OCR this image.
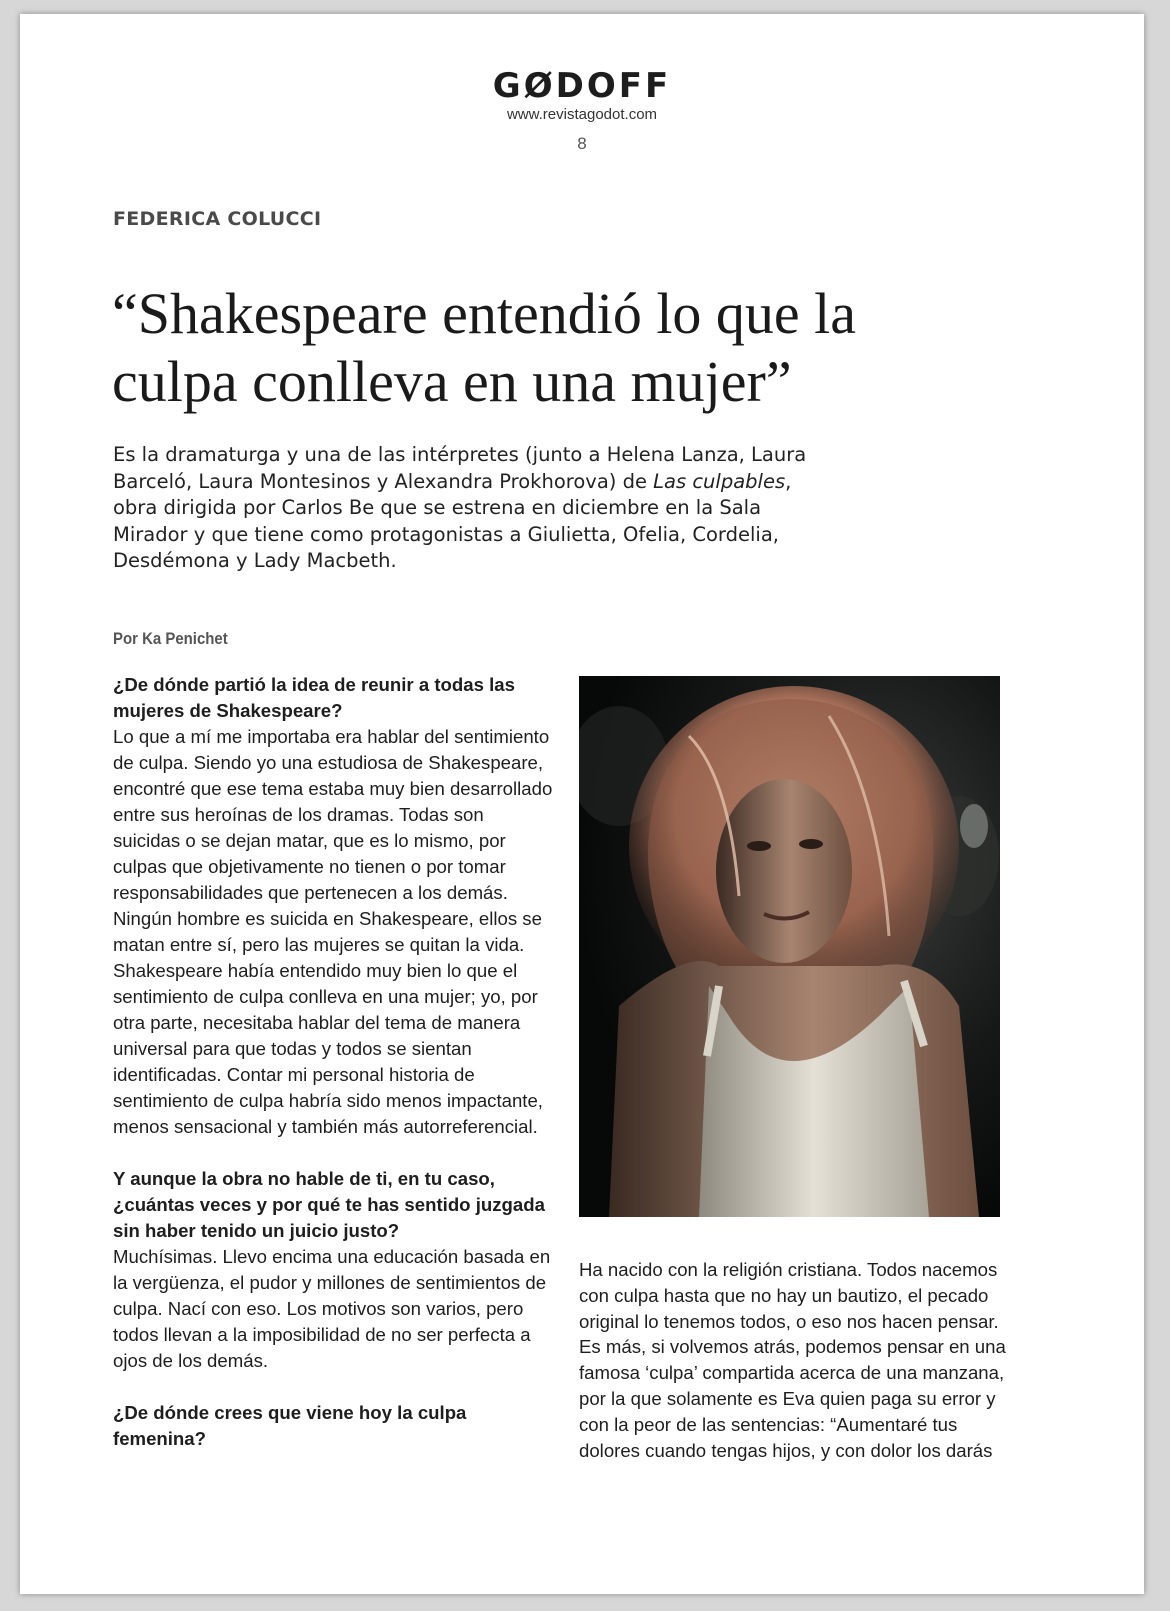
GØDOFF
www.revistagodot.com
8
FEDERICA COLUCCI
“Shakespeare entendió lo que la
culpa conlleva en una mujer”

Es la dramaturga y una de las intérpretes (junto a Helena Lanza, Laura Barceló, Laura Montesinos y Alexandra Prokhorova) de Las culpables, obra dirigida por Carlos Be que se estrena en diciembre en la Sala Mirador y que tiene como protagonistas a Giulietta, Ofelia, Cordelia, Desdémona y Lady Macbeth.

Por Ka Penichet

¿De dónde partió la idea de reunir a todas las mujeres de Shakespeare?

Lo que a mí me importaba era hablar del sentimiento de culpa. Siendo yo una estudiosa de Shakespeare, encontré que ese tema estaba muy bien desarrollado entre sus heroínas de los dramas. Todas son suicidas o se dejan matar, que es lo mismo, por culpas que objetivamente no tienen o por tomar responsabilidades que pertenecen a los demás. Ningún hombre es suicida en Shakespeare, ellos se matan entre sí, pero las mujeres se quitan la vida. Shakespeare había entendido muy bien lo que el sentimiento de culpa conlleva en una mujer; yo, por otra parte, necesitaba hablar del tema de manera universal para que todas y todos se sientan identificadas. Contar mi personal historia de sentimiento de culpa habría sido menos impactante, menos sensacional y también más autorreferencial.

Y aunque la obra no hable de ti, en tu caso, ¿cuántas veces y por qué te has sentido juzgada sin haber tenido un juicio justo?

Muchísimas. Llevo encima una educación basada en la vergüenza, el pudor y millones de sentimientos de culpa. Nací con eso. Los motivos son varios, pero todos llevan a la imposibilidad de no ser perfecta a ojos de los demás.

¿De dónde crees que viene hoy la culpa femenina?

Ha nacido con la religión cristiana. Todos nacemos con culpa hasta que no hay un bautizo, el pecado original lo tenemos todos, o eso nos hacen pensar. Es más, si volvemos atrás, podemos pensar en una famosa ‘culpa’ compartida acerca de una manzana, por la que solamente es Eva quien paga su error y con la peor de las sentencias: “Aumentaré tus dolores cuando tengas hijos, y con dolor los darás
